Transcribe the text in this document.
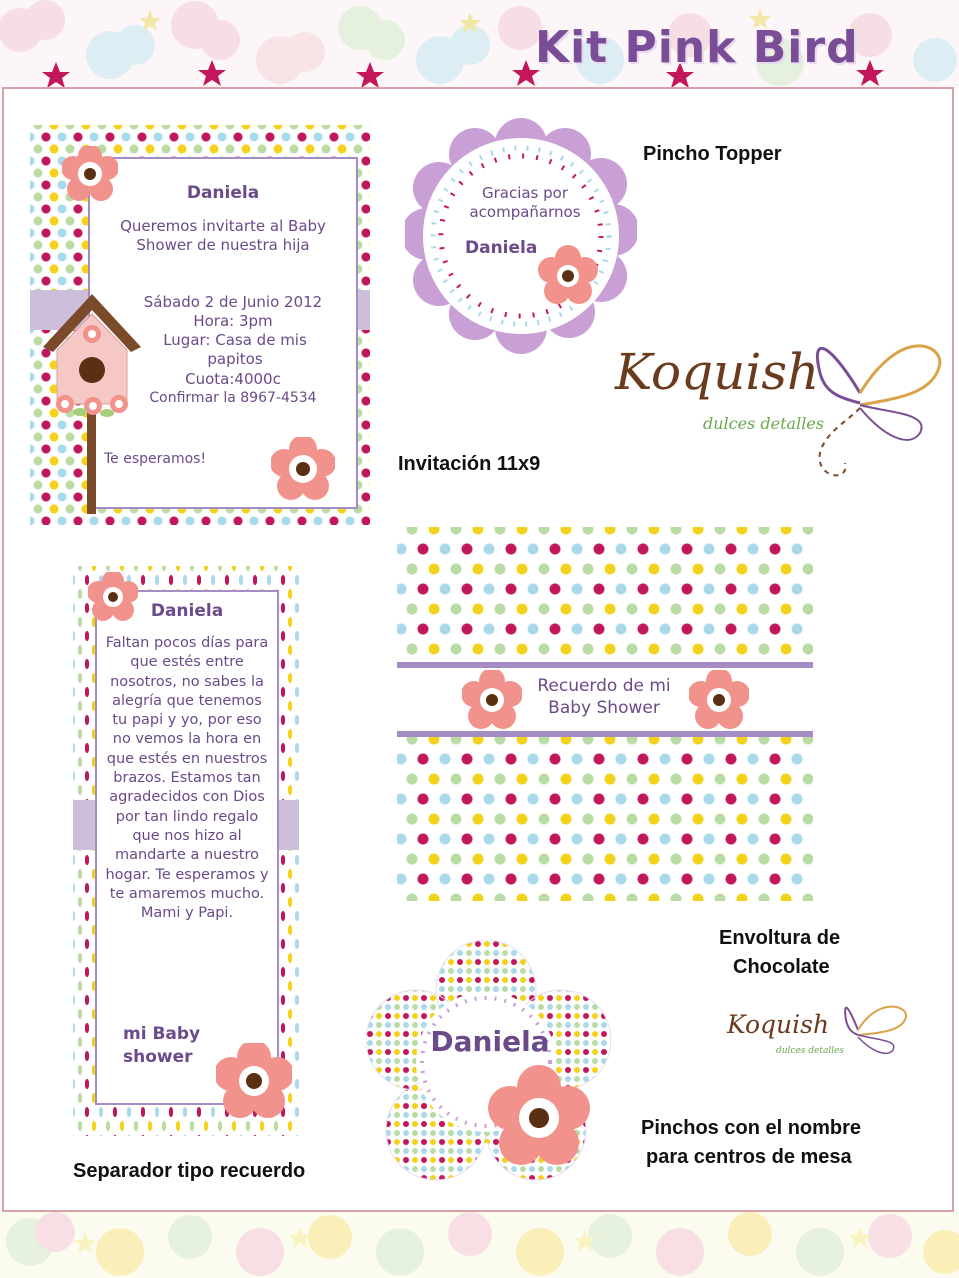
Kit Pink Bird
Daniela
Queremos invitarte al Baby Shower de nuestra hija
Sábado 2 de Junio 2012
Hora: 3pm
Lugar: Casa de mis papitos
Cuota:4000c
Confirmar la 8967-4534
Te esperamos!	Invitación 11x9
Gracias por acompañarnos
Daniela
Pincho Topper
Koquish
dulces detalles
Daniela
Faltan pocos días para que estés entre nosotros, no sabes la alegría que tenemos tu papi y yo, por eso no vemos la hora en que estés en nuestros brazos. Estamos tan agradecidos con Dios por tan lindo regalo que nos hizo al mandarte a nuestro hogar. Te esperamos y te amaremos mucho. Mami y Papi.
mi Baby
shower
Separador tipo recuerdo
Recuerdo de mi
Baby Shower
Envoltura de
Chocolate
Koquish
dulces detalles
Daniela
Pinchos con el nombre
para centros de mesa
